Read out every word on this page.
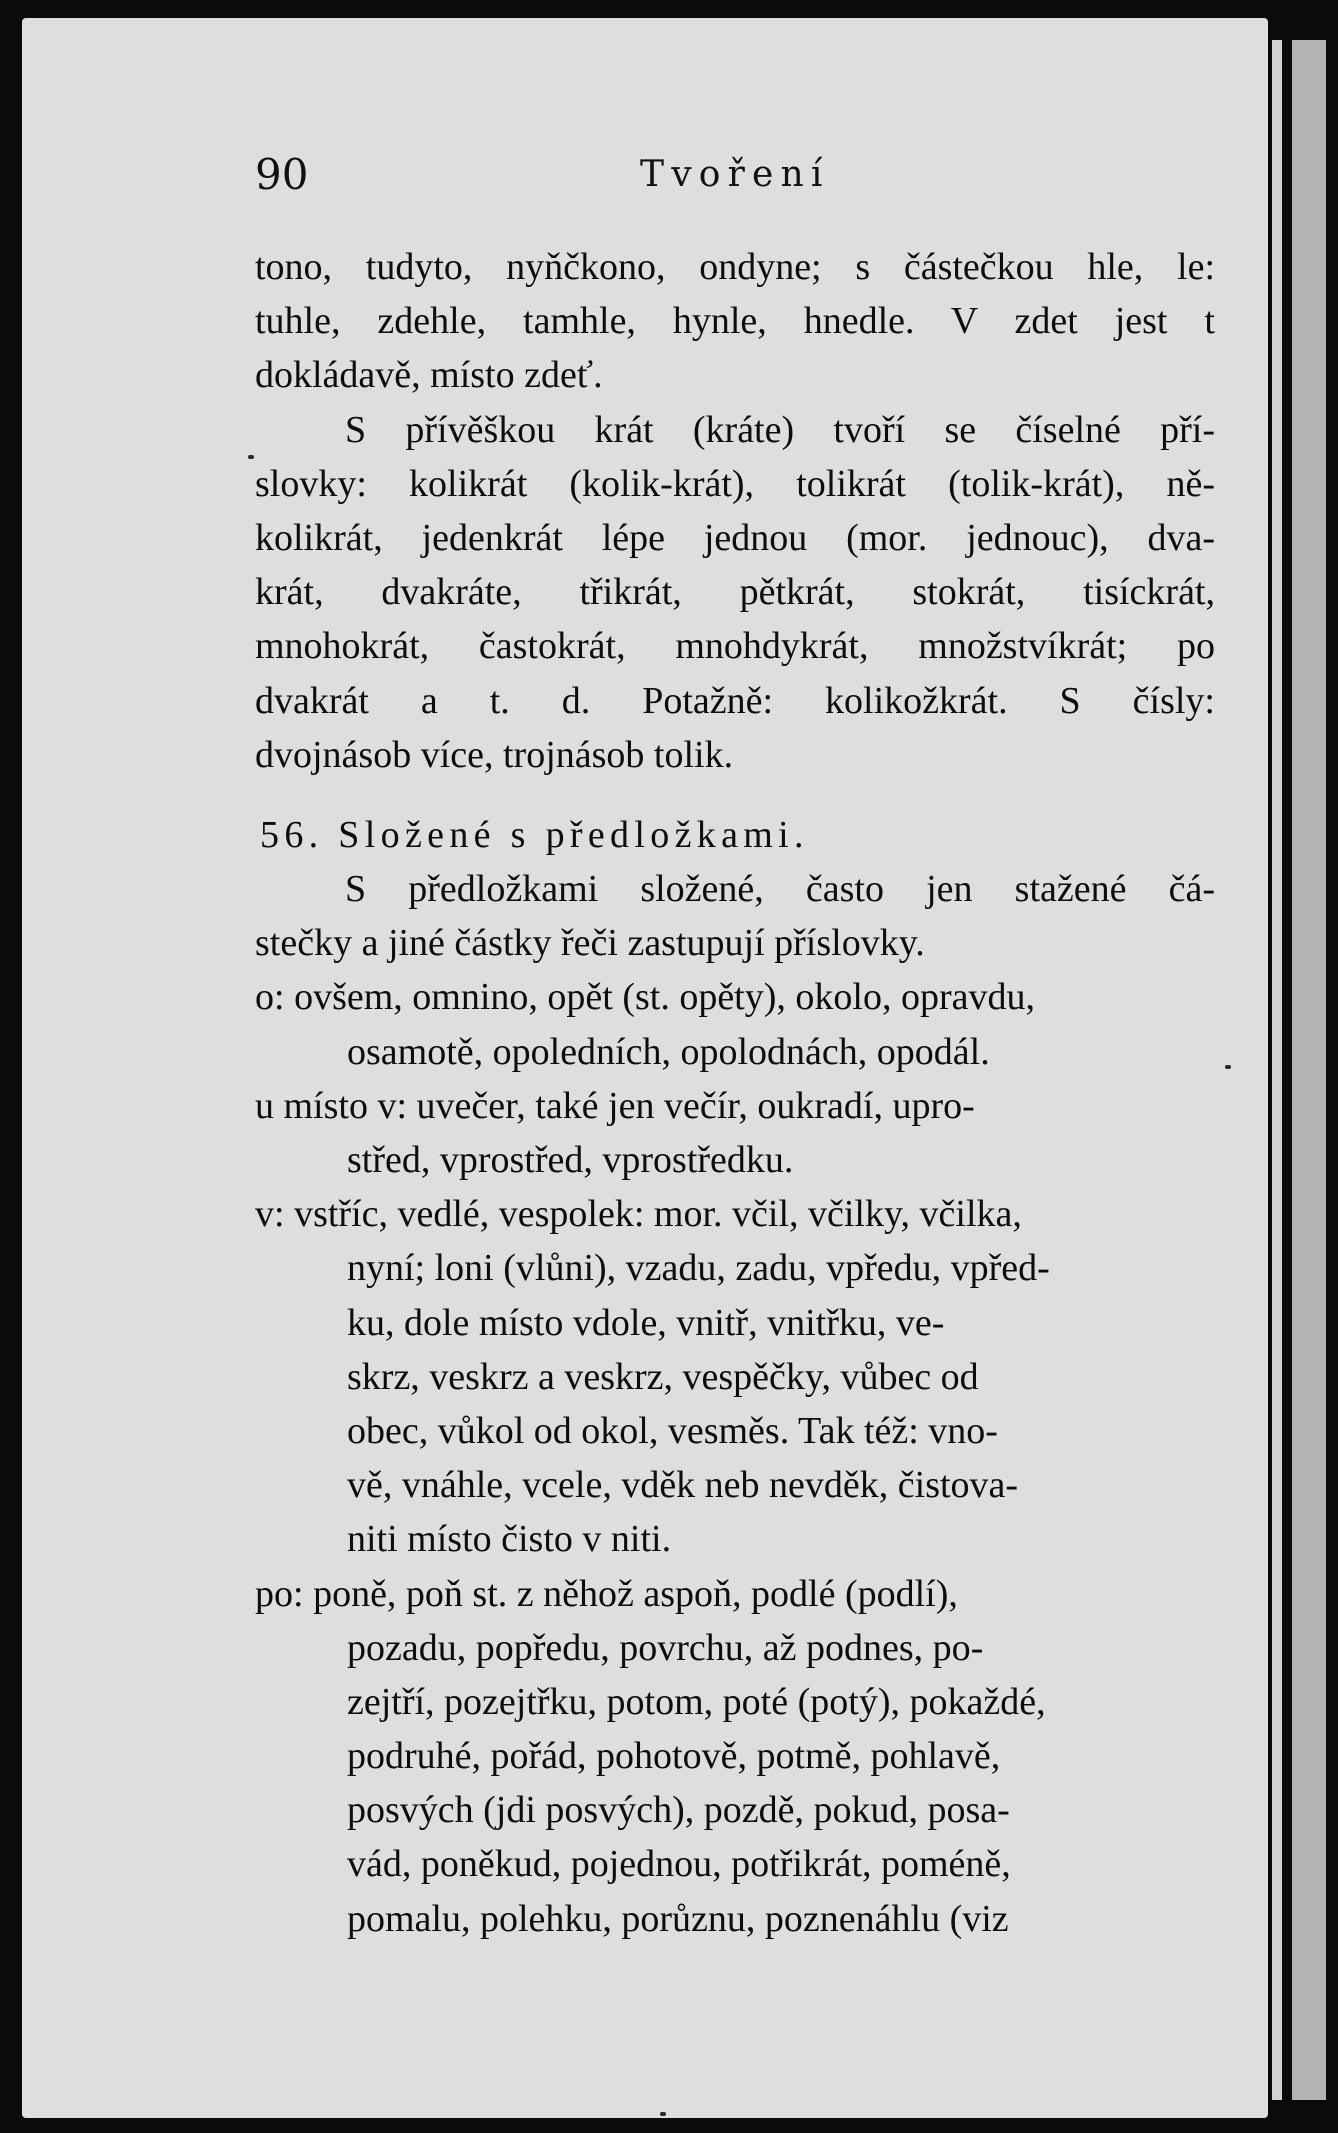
90	Tvoření
tono, tudyto, nyňčkono, ondyne; s částečkou hle, le:
tuhle, zdehle, tamhle, hynle, hnedle. V zdet jest t
dokládavě, místo zdeť.
S přívěškou krát (kráte) tvoří se číselné pří-
slovky: kolikrát (kolik-krát), tolikrát (tolik-krát), ně-
kolikrát, jedenkrát lépe jednou (mor. jednouc), dva-
krát, dvakráte, třikrát, pětkrát, stokrát, tisíckrát,
mnohokrát, častokrát, mnohdykrát, množstvíkrát; po
dvakrát a t. d. Potažně: kolikožkrát. S čísly:
dvojnásob více, trojnásob tolik.
56. Složené s předložkami.
S předložkami složené, často jen stažené čá-
stečky a jiné částky řeči zastupují příslovky.
o: ovšem, omnino, opět (st. opěty), okolo, opravdu,
osamotě, opoledních, opolodnách, opodál.
u místo v: uvečer, také jen večír, oukradí, upro-
střed, vprostřed, vprostředku.
v: vstříc, vedlé, vespolek: mor. včil, včilky, včilka,
nyní; loni (vlůni), vzadu, zadu, vpředu, vpřed-
ku, dole místo vdole, vnitř, vnitřku, ve-
skrz, veskrz a veskrz, vespěčky, vůbec od
obec, vůkol od okol, vesměs. Tak též: vno-
vě, vnáhle, vcele, vděk neb nevděk, čistova-
niti místo čisto v niti.
po: poně, poň st. z něhož aspoň, podlé (podlí),
pozadu, popředu, povrchu, až podnes, po-
zejtří, pozejtřku, potom, poté (potý), pokaždé,
podruhé, pořád, pohotově, potmě, pohlavě,
posvých (jdi posvých), pozdě, pokud, posa-
vád, poněkud, pojednou, potřikrát, poméně,
pomalu, polehku, porůznu, poznenáhlu (viz
